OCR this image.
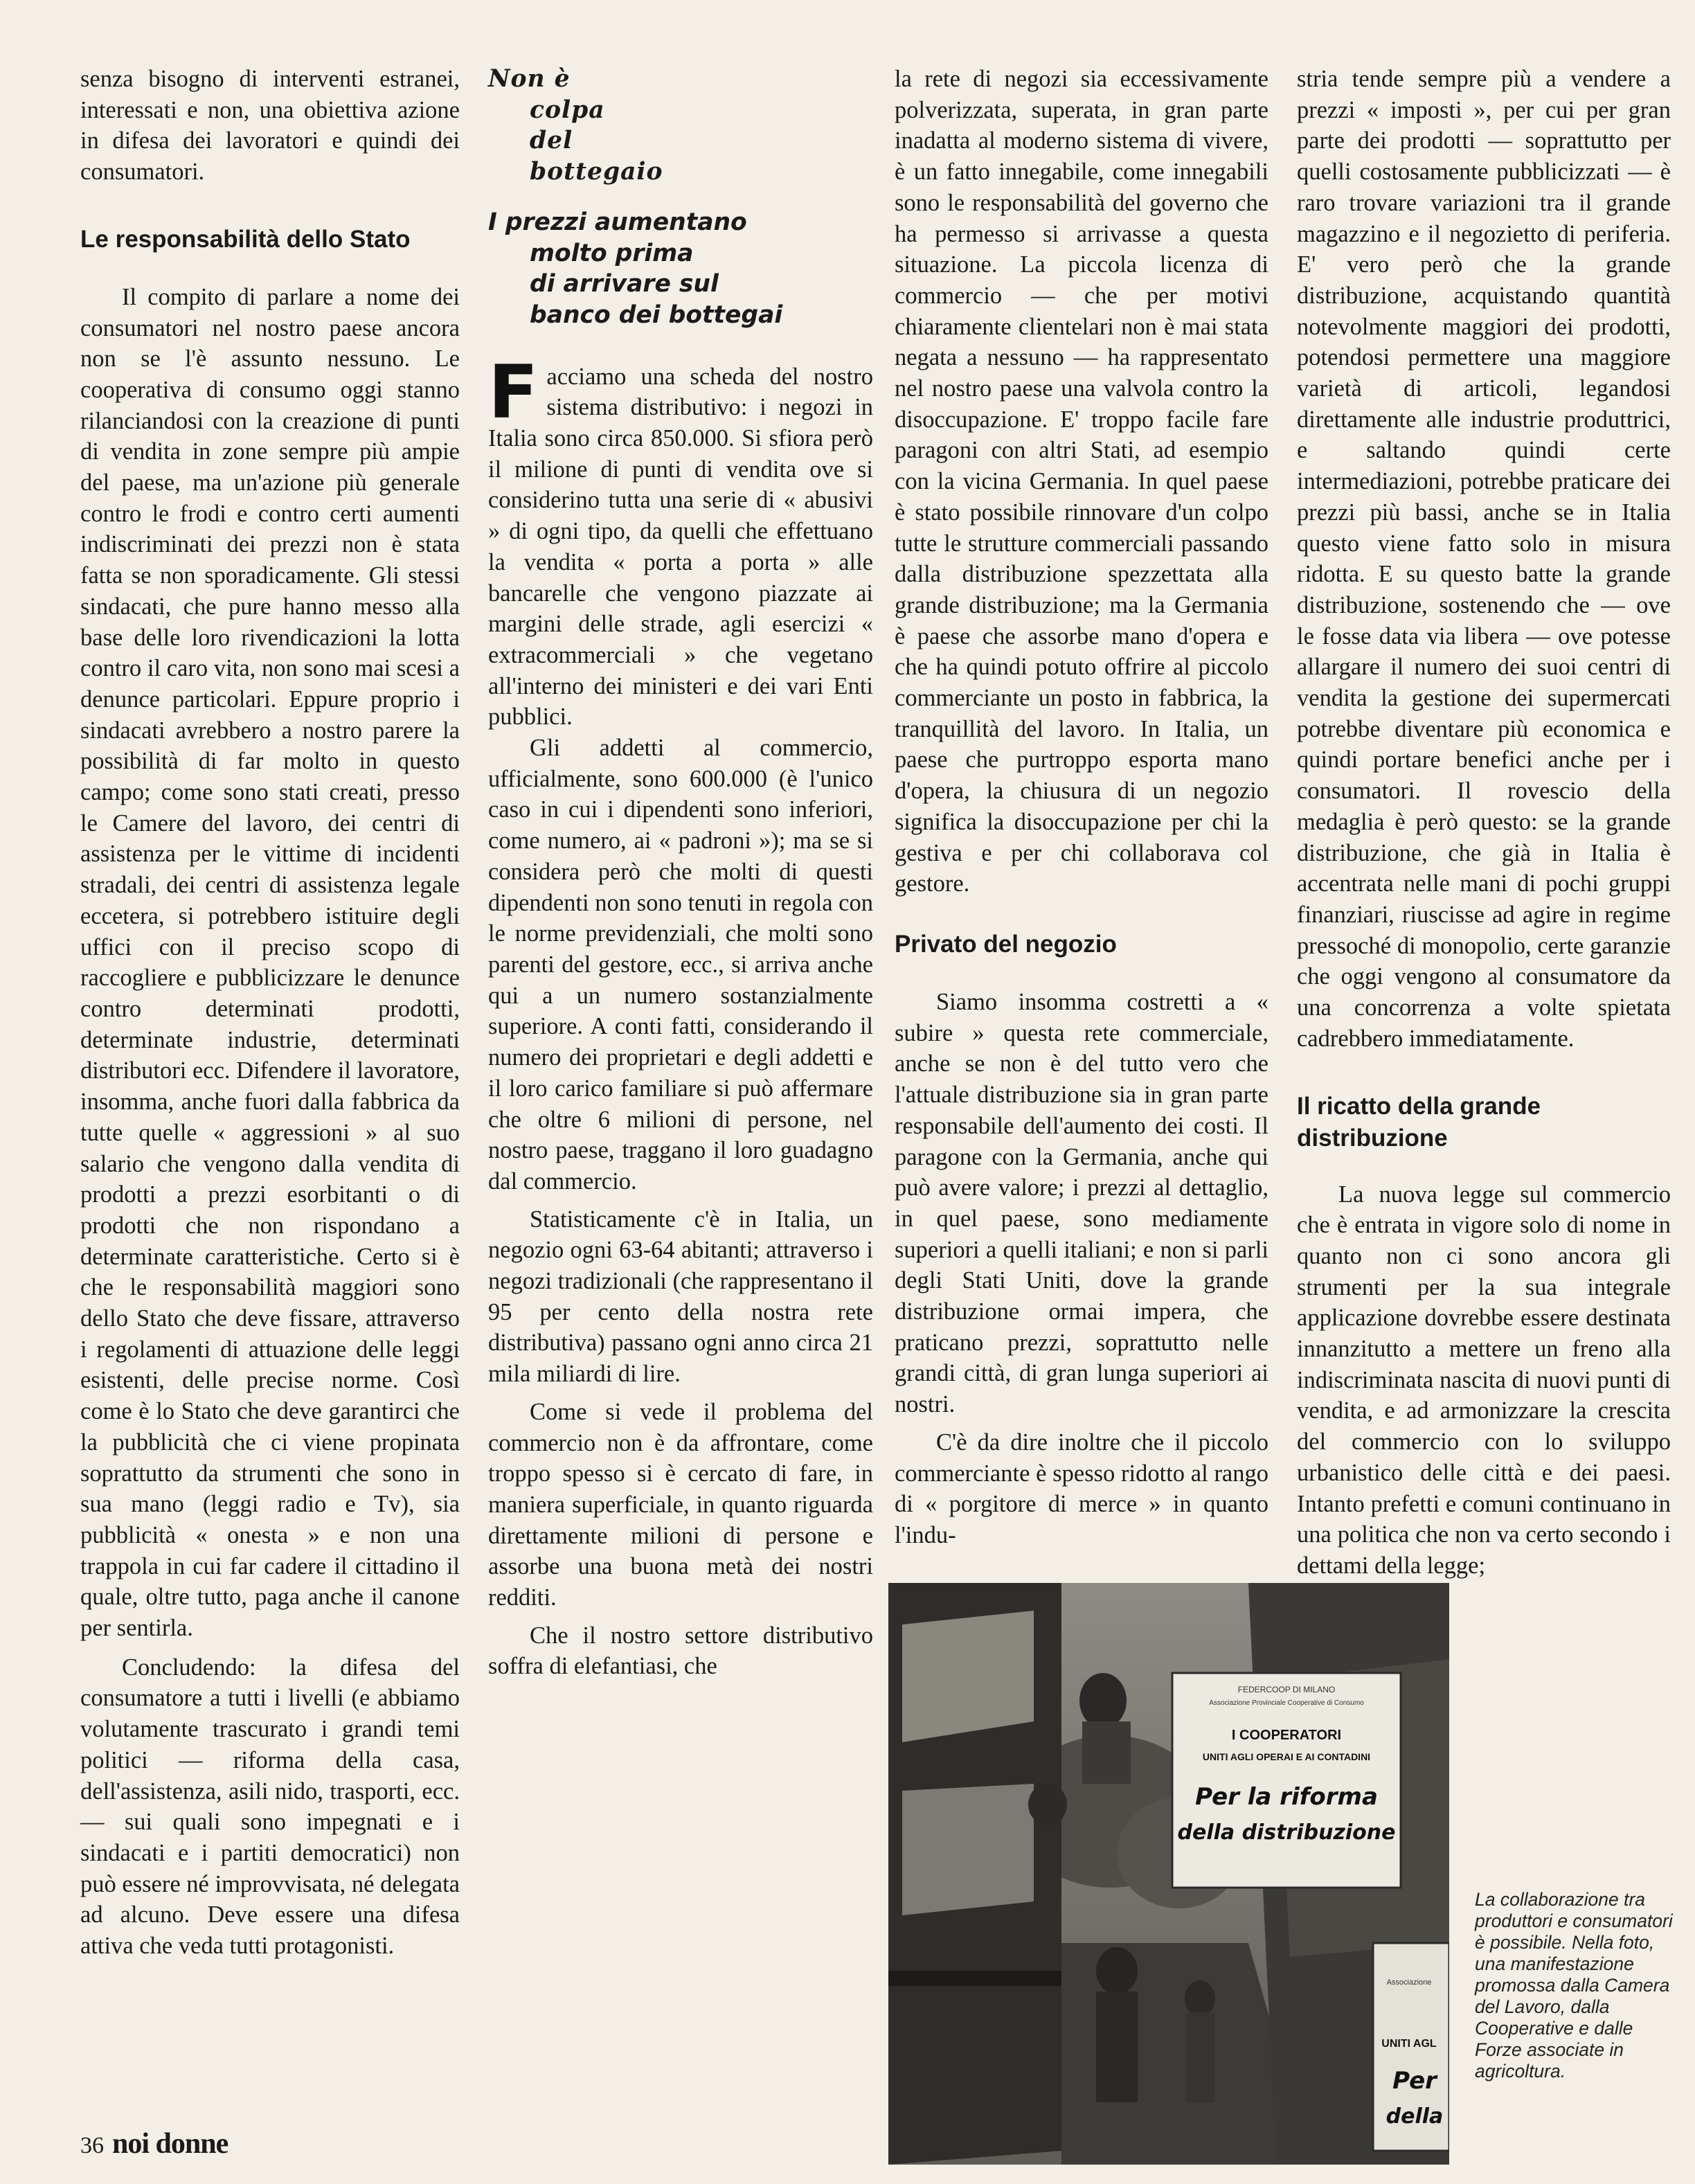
senza bisogno di interventi estranei, interessati e non, una obiettiva azione in difesa dei lavoratori e quindi dei consumatori.

Le responsabilità dello Stato

Il compito di parlare a nome dei consumatori nel nostro paese ancora non se l'è assunto nessuno. Le cooperativa di consumo oggi stanno rilanciandosi con la creazione di punti di vendita in zone sempre più ampie del paese, ma un'azione più generale contro le frodi e contro certi aumenti indiscriminati dei prezzi non è stata fatta se non sporadicamente. Gli stessi sindacati, che pure hanno messo alla base delle loro rivendicazioni la lotta contro il caro vita, non sono mai scesi a denunce particolari. Eppure proprio i sindacati avrebbero a nostro parere la possibilità di far molto in questo campo; come sono stati creati, presso le Camere del lavoro, dei centri di assistenza per le vittime di incidenti stradali, dei centri di assistenza legale eccetera, si potrebbero istituire degli uffici con il preciso scopo di raccogliere e pubblicizzare le denunce contro determinati prodotti, determinate industrie, determinati distributori ecc. Difendere il lavoratore, insomma, anche fuori dalla fabbrica da tutte quelle « aggressioni » al suo salario che vengono dalla vendita di prodotti a prezzi esorbitanti o di prodotti che non rispondano a determinate caratteristiche. Certo si è che le responsabilità maggiori sono dello Stato che deve fissare, attraverso i regolamenti di attuazione delle leggi esistenti, delle precise norme. Così come è lo Stato che deve garantirci che la pubblicità che ci viene propinata soprattutto da strumenti che sono in sua mano (leggi radio e Tv), sia pubblicità « onesta » e non una trappola in cui far cadere il cittadino il quale, oltre tutto, paga anche il canone per sentirla.

Concludendo: la difesa del consumatore a tutti i livelli (e abbiamo volutamente trascurato i grandi temi politici — riforma della casa, dell'assistenza, asili nido, trasporti, ecc. — sui quali sono impegnati e i sindacati e i partiti democratici) non può essere né improvvisata, né delegata ad alcuno. Deve essere una difesa attiva che veda tutti protagonisti.

Non è

colpa

del

bottegaio

I prezzi aumentano

molto prima

di arrivare sul

banco dei bottegai

Facciamo una scheda del nostro sistema distributivo: i negozi in Italia sono circa 850.000. Si sfiora però il milione di punti di vendita ove si considerino tutta una serie di « abusivi » di ogni tipo, da quelli che effettuano la vendita « porta a porta » alle bancarelle che vengono piazzate ai margini delle strade, agli esercizi « extracommerciali » che vegetano all'interno dei ministeri e dei vari Enti pubblici.

Gli addetti al commercio, ufficialmente, sono 600.000 (è l'unico caso in cui i dipendenti sono inferiori, come numero, ai « padroni »); ma se si considera però che molti di questi dipendenti non sono tenuti in regola con le norme previdenziali, che molti sono parenti del gestore, ecc., si arriva anche qui a un numero sostanzialmente superiore. A conti fatti, considerando il numero dei proprietari e degli addetti e il loro carico familiare si può affermare che oltre 6 milioni di persone, nel nostro paese, traggano il loro guadagno dal commercio.

Statisticamente c'è in Italia, un negozio ogni 63-64 abitanti; attraverso i negozi tradizionali (che rappresentano il 95 per cento della nostra rete distributiva) passano ogni anno circa 21 mila miliardi di lire.

Come si vede il problema del commercio non è da affrontare, come troppo spesso si è cercato di fare, in maniera superficiale, in quanto riguarda direttamente milioni di persone e assorbe una buona metà dei nostri redditi.

Che il nostro settore distributivo soffra di elefantiasi, che

la rete di negozi sia eccessivamente polverizzata, superata, in gran parte inadatta al moderno sistema di vivere, è un fatto innegabile, come innegabili sono le responsabilità del governo che ha permesso si arrivasse a questa situazione. La piccola licenza di commercio — che per motivi chiaramente clientelari non è mai stata negata a nessuno — ha rappresentato nel nostro paese una valvola contro la disoccupazione. E' troppo facile fare paragoni con altri Stati, ad esempio con la vicina Germania. In quel paese è stato possibile rinnovare d'un colpo tutte le strutture commerciali passando dalla distribuzione spezzettata alla grande distribuzione; ma la Germania è paese che assorbe mano d'opera e che ha quindi potuto offrire al piccolo commerciante un posto in fabbrica, la tranquillità del lavoro. In Italia, un paese che purtroppo esporta mano d'opera, la chiusura di un negozio significa la disoccupazione per chi la gestiva e per chi collaborava col gestore.

Privato del negozio

Siamo insomma costretti a « subire » questa rete commerciale, anche se non è del tutto vero che l'attuale distribuzione sia in gran parte responsabile dell'aumento dei costi. Il paragone con la Germania, anche qui può avere valore; i prezzi al dettaglio, in quel paese, sono mediamente superiori a quelli italiani; e non si parli degli Stati Uniti, dove la grande distribuzione ormai impera, che praticano prezzi, soprattutto nelle grandi città, di gran lunga superiori ai nostri.

C'è da dire inoltre che il piccolo commerciante è spesso ridotto al rango di « porgitore di merce » in quanto l'indu-

stria tende sempre più a vendere a prezzi « imposti », per cui per gran parte dei prodotti — soprattutto per quelli costosamente pubblicizzati — è raro trovare variazioni tra il grande magazzino e il negozietto di periferia. E' vero però che la grande distribuzione, acquistando quantità notevolmente maggiori dei prodotti, potendosi permettere una maggiore varietà di articoli, legandosi direttamente alle industrie produttrici, e saltando quindi certe intermediazioni, potrebbe praticare dei prezzi più bassi, anche se in Italia questo viene fatto solo in misura ridotta. E su questo batte la grande distribuzione, sostenendo che — ove le fosse data via libera — ove potesse allargare il numero dei suoi centri di vendita la gestione dei supermercati potrebbe diventare più economica e quindi portare benefici anche per i consumatori. Il rovescio della medaglia è però questo: se la grande distribuzione, che già in Italia è accentrata nelle mani di pochi gruppi finanziari, riuscisse ad agire in regime pressoché di monopolio, certe garanzie che oggi vengono al consumatore da una concorrenza a volte spietata cadrebbero immediatamente.

Il ricatto della grande distribuzione

La nuova legge sul commercio che è entrata in vigore solo di nome in quanto non ci sono ancora gli strumenti per la sua integrale applicazione dovrebbe essere destinata innanzitutto a mettere un freno alla indiscriminata nascita di nuovi punti di vendita, e ad armonizzare la crescita del commercio con lo sviluppo urbanistico delle città e dei paesi. Intanto prefetti e comuni continuano in una politica che non va certo secondo i dettami della legge;

FEDERCOOP DI MILANO
Associazione Provinciale Cooperative di Consumo
I COOPERATORI
UNITI AGLI OPERAI E AI CONTADINI
Per la riforma
della distribuzione
Associazione
UNITI AGL
Per
della
La collaborazione tra produttori e consumatori è possibile. Nella foto, una manifestazione promossa dalla Camera del Lavoro, dalla Cooperative e dalle Forze associate in agricoltura.
36 noi donne
